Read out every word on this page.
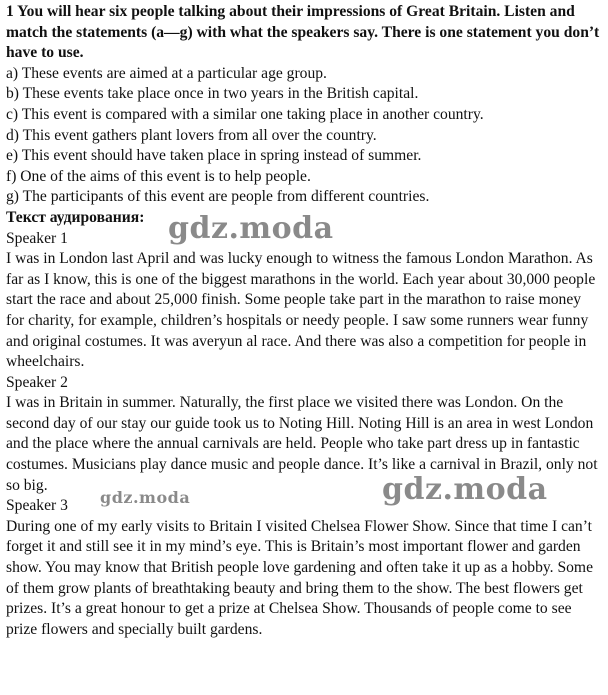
1 You will hear six people talking about their impressions of Great Britain. Listen and match the statements (a—g) with what the speakers say. There is one statement you don’t have to use.
a) These events are aimed at a particular age group.
b) These events take place once in two years in the British capital.
c) This event is compared with a similar one taking place in another country.
d) This event gathers plant lovers from all over the country.
e) This event should have taken place in spring instead of summer.
f) One of the aims of this event is to help people.
g) The participants of this event are people from different countries.
Текст аудирования:
Speaker 1
I was in London last April and was lucky enough to witness the famous London Marathon. As far as I know, this is one of the biggest marathons in the world. Each year about 30,000 people start the race and about 25,000 finish. Some people take part in the marathon to raise money for charity, for example, children’s hospitals or needy people. I saw some runners wear funny and original costumes. It was averyun al race. And there was also a competition for people in wheelchairs.
Speaker 2
I was in Britain in summer. Naturally, the first place we visited there was London. On the second day of our stay our guide took us to Noting Hill. Noting Hill is an area in west London and the place where the annual carnivals are held. People who take part dress up in fantastic costumes. Musicians play dance music and people dance. It’s like a carnival in Brazil, only not so big.
Speaker 3
During one of my early visits to Britain I visited Chelsea Flower Show. Since that time I can’t forget it and still see it in my mind’s eye. This is Britain’s most important flower and garden show. You may know that British people love gardening and often take it up as a hobby. Some of them grow plants of breathtaking beauty and bring them to the show. The best flowers get prizes. It’s a great honour to get a prize at Chelsea Show. Thousands of people come to see prize flowers and specially built gardens.
gdz.moda
gdz.moda	gdz.moda
